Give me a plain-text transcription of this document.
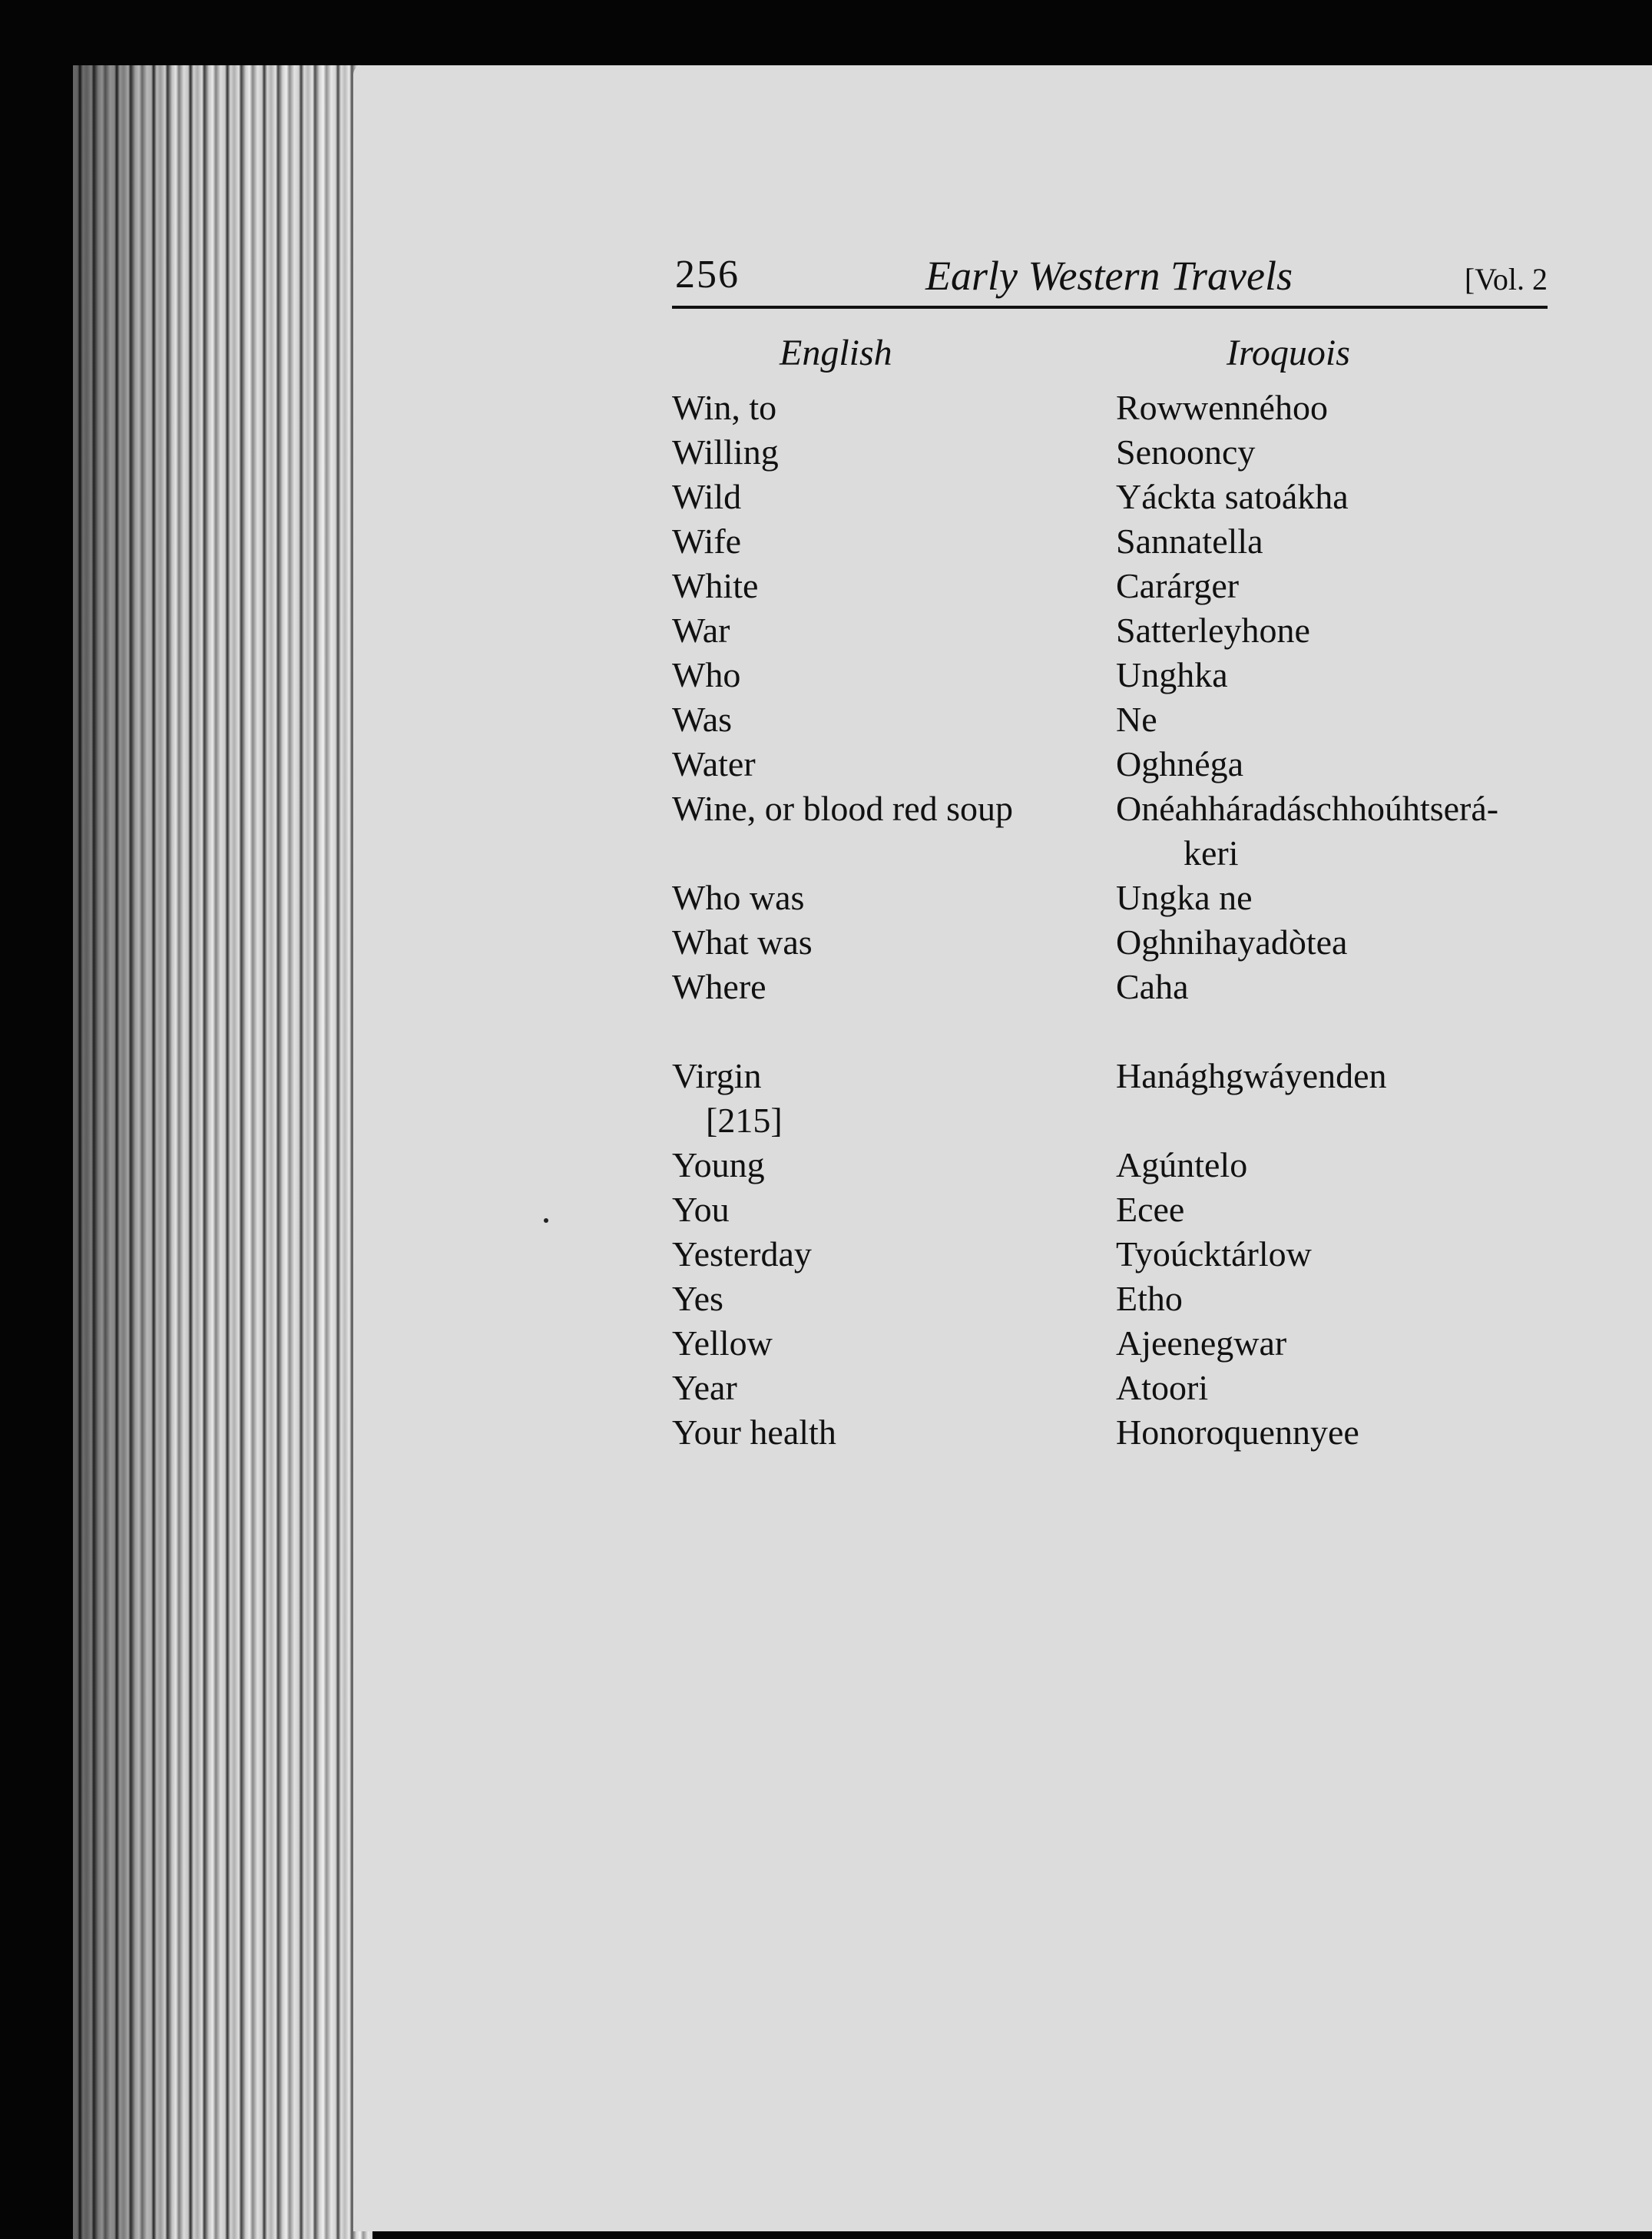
256	Early Western Travels	[Vol. 2
English	Iroquois
Win, to	Rowwennéhoo
Willing	Senooncy
Wild	Yáckta satoákha
Wife	Sannatella
White	Carárger
War	Satterleyhone
Who	Unghka
Was	Ne
Water	Oghnéga
Wine, or blood red soup	Onéahháradáschhoúhtserá-
keri
Who was	Ungka ne
What was	Oghnihayadòtea
Where	Caha
Virgin	Hanághgwáyenden
[215]
Young	Agúntelo
You	Ecee
Yesterday	Tyoúcktárlow
Yes	Etho
Yellow	Ajeenegwar
Year	Atoori
Your health	Honoroquennyee
